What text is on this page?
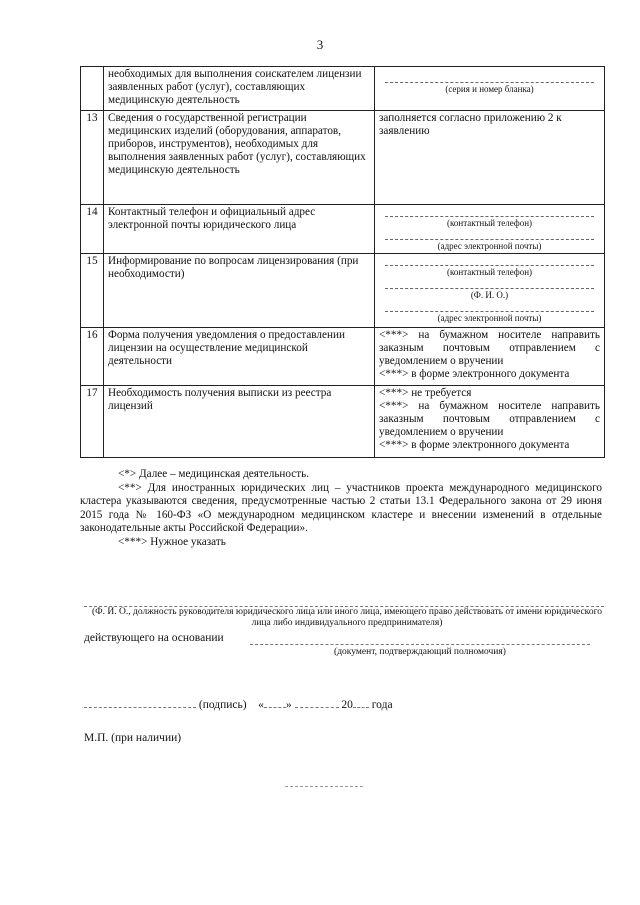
3
	необходимых для выполнения соискателем лицензии заявленных работ (услуг), составляющих медицинскую деятельность	(серия и номер бланка)

13	Сведения о государственной регистрации медицинских изделий (оборудования, аппаратов, приборов, инструментов), необходимых для выполнения заявленных работ (услуг), составляющих медицинскую деятельность	заполняется согласно приложению 2 к заявлению
14	Контактный телефон и официальный адрес электронной почты юридического лица	(контактный телефон)
(адрес электронной почты)

15	Информирование по вопросам лицензирования (при необходимости)	(контактный телефон)
(Ф. И. О.)
(адрес электронной почты)

16	Форма получения уведомления о предоставлении лицензии на осуществление медицинской деятельности	<***> на бумажном носителе направить заказным почтовым отправлением с уведомлением о вручении
<***> в форме электронного документа

17	Необходимость получения выписки из реестра лицензий	<***> не требуется
<***> на бумажном носителе направить заказным почтовым отправлением с уведомлением о вручении
<***> в форме электронного документа

<*> Далее – медицинская деятельность.

<**> Для иностранных юридических лиц – участников проекта международного медицинского кластера указываются сведения, предусмотренные частью 2 статьи 13.1 Федерального закона от 29 июня 2015 года № 160-ФЗ «О международном медицинском кластере и внесении изменений в отдельные законодательные акты Российской Федерации».

<***> Нужное указать

(Ф. И. О., должность руководителя юридического лица или иного лица, имеющего право действовать от имени юридического лица либо индивидуального предпринимателя)
действующего на основании
(документ, подтверждающий полномочия)
(подпись) « »	20 года
М.П. (при наличии)
